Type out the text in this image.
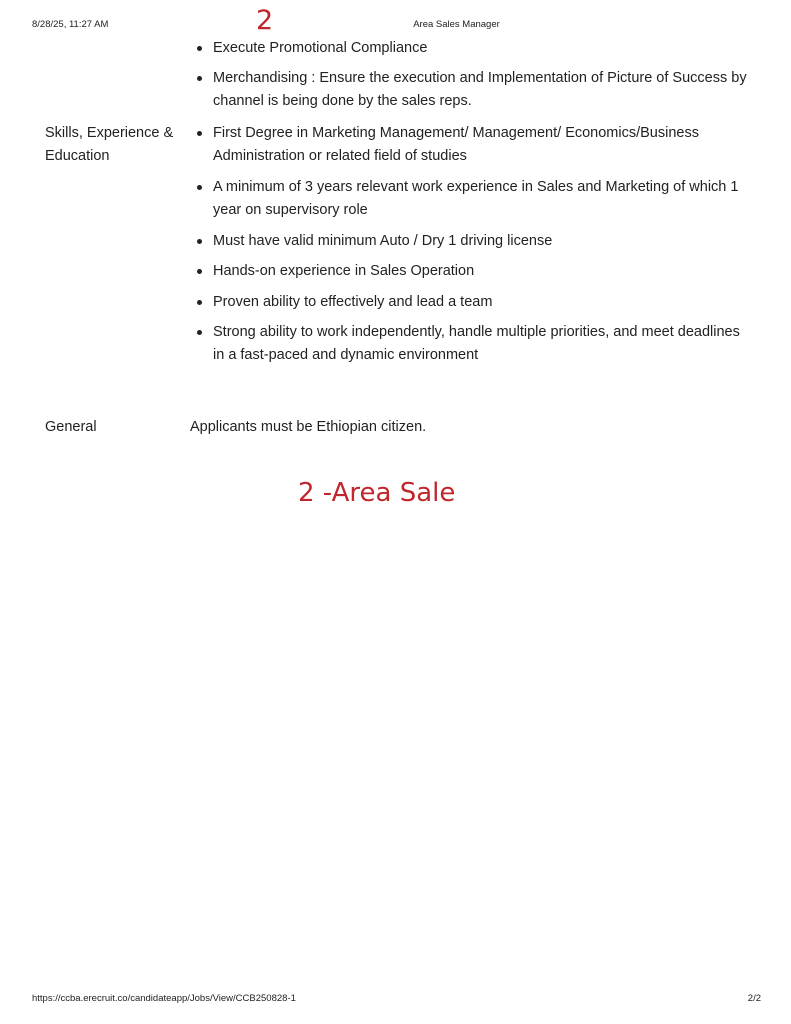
8/28/25, 11:27 AM	Area Sales Manager
2
Execute Promotional Compliance
Merchandising : Ensure the execution and Implementation of Picture of Success by channel is being done by the sales reps.
Skills, Experience & Education
First Degree in Marketing Management/ Management/ Economics/Business Administration or related field of studies
A minimum of 3 years relevant work experience in Sales and Marketing of which 1 year on supervisory role
Must have valid minimum Auto / Dry 1 driving license
Hands-on experience in Sales Operation
Proven ability to effectively and lead a team
Strong ability to work independently, handle multiple priorities, and meet deadlines in a fast-paced and dynamic environment
General	Applicants must be Ethiopian citizen.
2 -Area Sale
https://ccba.erecruit.co/candidateapp/Jobs/View/CCB250828-1	2/2
